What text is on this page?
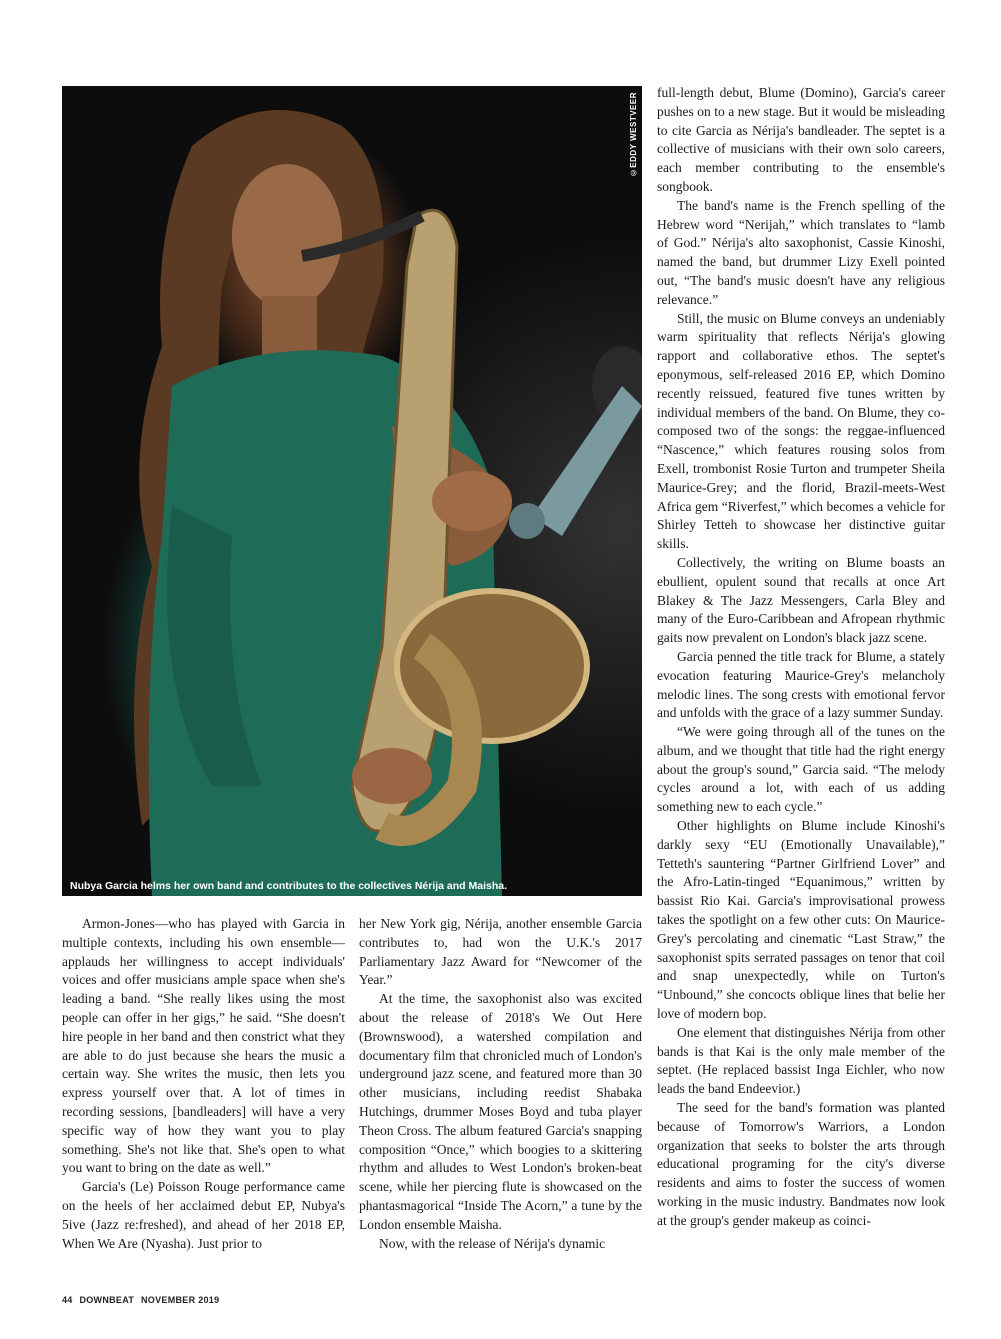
©EDDY WESTVEER
Nubya Garcia helms her own band and contributes to the collectives Nérija and Maisha.

Armon-Jones—who has played with Garcia in multiple contexts, including his own ensemble—applauds her willingness to accept individuals' voices and offer musicians ample space when she's leading a band. “She really likes using the most people can offer in her gigs,” he said. “She doesn't hire people in her band and then constrict what they are able to do just because she hears the music a certain way. She writes the music, then lets you express yourself over that. A lot of times in recording sessions, [bandleaders] will have a very specific way of how they want you to play something. She's not like that. She's open to what you want to bring on the date as well.”

Garcia's (Le) Poisson Rouge performance came on the heels of her acclaimed debut EP, Nubya's 5ive (Jazz re:freshed), and ahead of her 2018 EP, When We Are (Nyasha). Just prior to

her New York gig, Nérija, another ensemble Garcia contributes to, had won the U.K.'s 2017 Parliamentary Jazz Award for “Newcomer of the Year.”

At the time, the saxophonist also was excited about the release of 2018's We Out Here (Brownswood), a watershed compilation and documentary film that chronicled much of London's underground jazz scene, and featured more than 30 other musicians, including reedist Shabaka Hutchings, drummer Moses Boyd and tuba player Theon Cross. The album featured Garcia's snapping composition “Once,” which boogies to a skittering rhythm and alludes to West London's broken-beat scene, while her piercing flute is showcased on the phantasmagorical “Inside The Acorn,” a tune by the London ensemble Maisha.

Now, with the release of Nérija's dynamic

full-length debut, Blume (Domino), Garcia's career pushes on to a new stage. But it would be misleading to cite Garcia as Nérija's bandleader. The septet is a collective of musicians with their own solo careers, each member contributing to the ensemble's songbook.

The band's name is the French spelling of the Hebrew word “Nerijah,” which translates to “lamb of God.” Nérija's alto saxophonist, Cassie Kinoshi, named the band, but drummer Lizy Exell pointed out, “The band's music doesn't have any religious relevance.”

Still, the music on Blume conveys an undeniably warm spirituality that reflects Nérija's glowing rapport and collaborative ethos. The septet's eponymous, self-released 2016 EP, which Domino recently reissued, featured five tunes written by individual members of the band. On Blume, they co-composed two of the songs: the reggae-influenced “Nascence,” which features rousing solos from Exell, trombonist Rosie Turton and trumpeter Sheila Maurice-Grey; and the florid, Brazil-meets-West Africa gem “Riverfest,” which becomes a vehicle for Shirley Tetteh to showcase her distinctive guitar skills.

Collectively, the writing on Blume boasts an ebullient, opulent sound that recalls at once Art Blakey & The Jazz Messengers, Carla Bley and many of the Euro-Caribbean and Afropean rhythmic gaits now prevalent on London's black jazz scene.

Garcia penned the title track for Blume, a stately evocation featuring Maurice-Grey's melancholy melodic lines. The song crests with emotional fervor and unfolds with the grace of a lazy summer Sunday.

“We were going through all of the tunes on the album, and we thought that title had the right energy about the group's sound,” Garcia said. “The melody cycles around a lot, with each of us adding something new to each cycle.”

Other highlights on Blume include Kinoshi's darkly sexy “EU (Emotionally Unavailable),” Tetteth's sauntering “Partner Girlfriend Lover” and the Afro-Latin-tinged “Equanimous,” written by bassist Rio Kai. Garcia's improvisational prowess takes the spotlight on a few other cuts: On Maurice-Grey's percolating and cinematic “Last Straw,” the saxophonist spits serrated passages on tenor that coil and snap unexpectedly, while on Turton's “Unbound,” she concocts oblique lines that belie her love of modern bop.

One element that distinguishes Nérija from other bands is that Kai is the only male member of the septet. (He replaced bassist Inga Eichler, who now leads the band Endeevior.)

The seed for the band's formation was planted because of Tomorrow's Warriors, a London organization that seeks to bolster the arts through educational programing for the city's diverse residents and aims to foster the success of women working in the music industry. Bandmates now look at the group's gender makeup as coinci-

44 DOWNBEAT NOVEMBER 2019
